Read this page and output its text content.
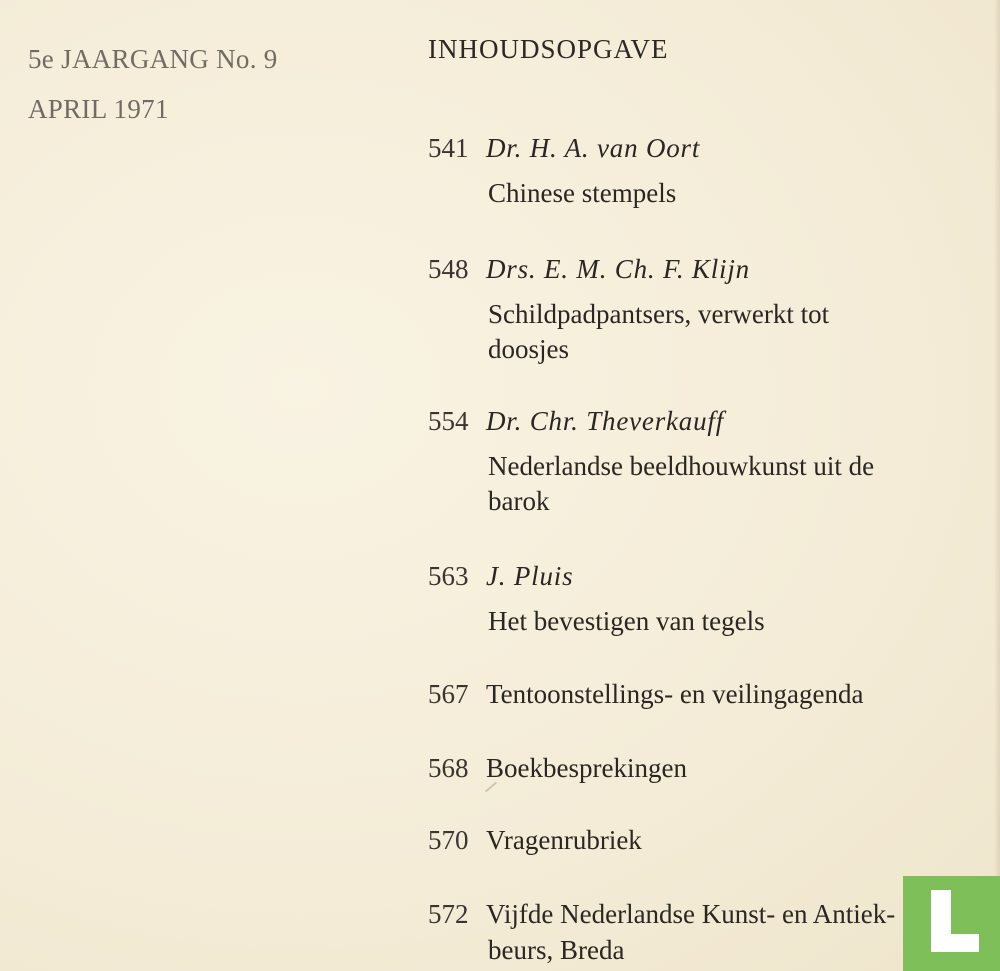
5e JAARGANG No. 9
APRIL 1971
INHOUDSOPGAVE
541 Dr. H. A. van Oort
Chinese stempels
548 Drs. E. M. Ch. F. Klijn
Schildpadpantsers, verwerkt tot
doosjes
554 Dr. Chr. Theverkauff
Nederlandse beeldhouwkunst uit de
barok
563 J. Pluis
Het bevestigen van tegels
567 Tentoonstellings- en veilingagenda
568 Boekbesprekingen
570 Vragenrubriek
572 Vijfde Nederlandse Kunst- en Antiek-
beurs, Breda
